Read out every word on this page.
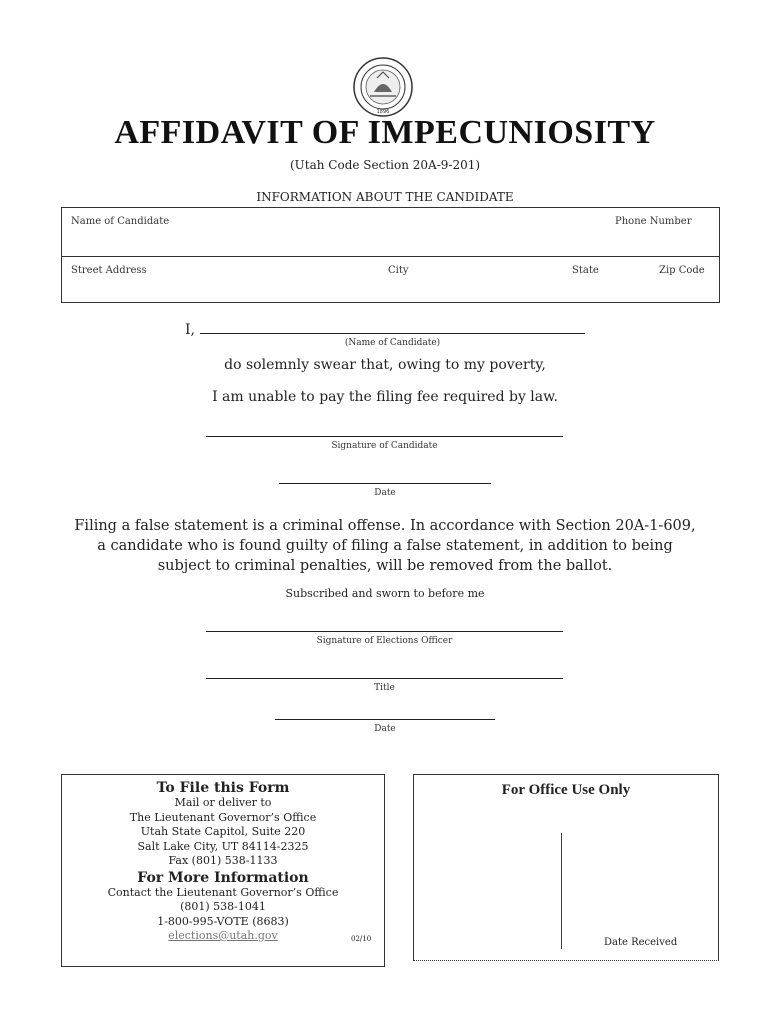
1896
AFFIDAVIT OF IMPECUNIOSITY
(Utah Code Section 20A-9-201)
INFORMATION ABOUT THE CANDIDATE
Name of Candidate	Phone Number
Street Address	City	State	Zip Code
I,
(Name of Candidate)
do solemnly swear that, owing to my poverty,
I am unable to pay the filing fee required by law.
Signature of Candidate
Date
Filing a false statement is a criminal offense. In accordance with Section 20A-1-609,
a candidate who is found guilty of filing a false statement, in addition to being
subject to criminal penalties, will be removed from the ballot.
Subscribed and sworn to before me
Signature of Elections Officer
Title
Date
To File this Form
Mail or deliver to
The Lieutenant Governor’s Office
Utah State Capitol, Suite 220
Salt Lake City, UT 84114-2325
Fax (801) 538-1133
For More Information
Contact the Lieutenant Governor’s Office
(801) 538-1041
1-800-995-VOTE (8683)
elections@utah.gov	02/10
For Office Use Only
Date Received
